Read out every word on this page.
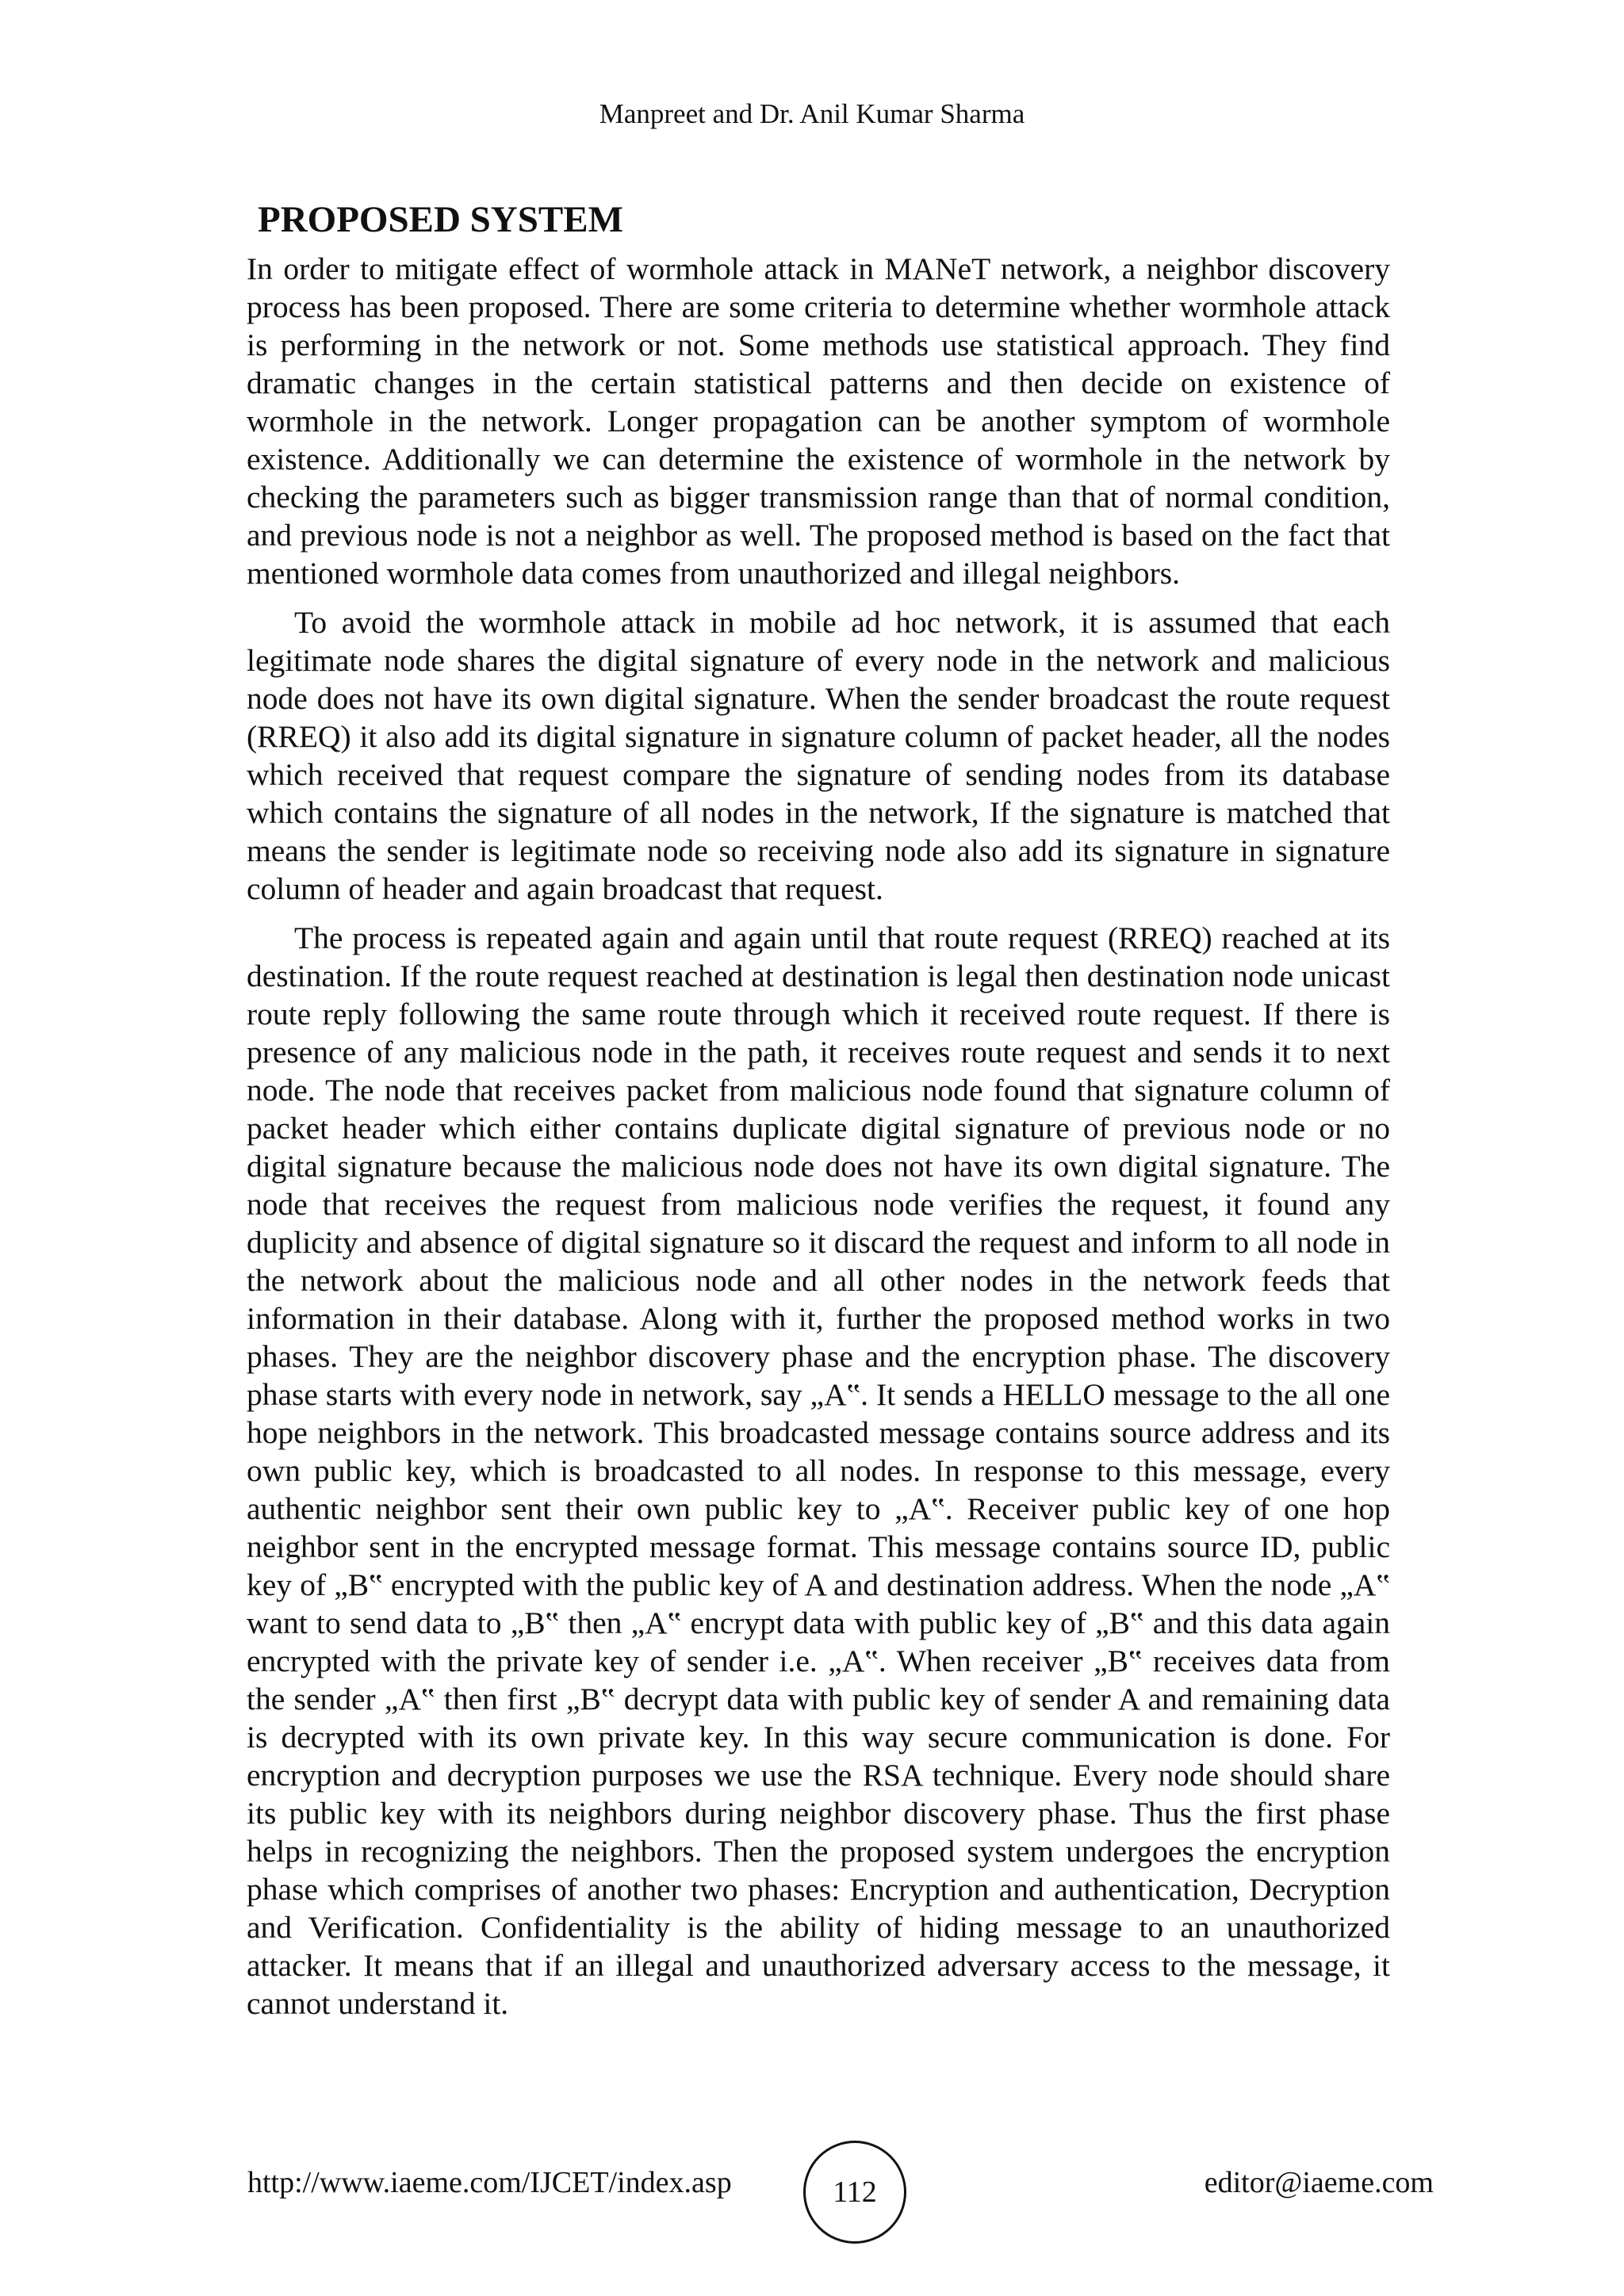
Manpreet and Dr. Anil Kumar Sharma
PROPOSED SYSTEM

In order to mitigate effect of wormhole attack in MANeT network, a neighbor discovery process has been proposed. There are some criteria to determine whether wormhole attack is performing in the network or not. Some methods use statistical approach. They find dramatic changes in the certain statistical patterns and then decide on existence of wormhole in the network. Longer propagation can be another symptom of wormhole existence. Additionally we can determine the existence of wormhole in the network by checking the parameters such as bigger transmission range than that of normal condition, and previous node is not a neighbor as well. The proposed method is based on the fact that mentioned wormhole data comes from unauthorized and illegal neighbors.

To avoid the wormhole attack in mobile ad hoc network, it is assumed that each legitimate node shares the digital signature of every node in the network and malicious node does not have its own digital signature. When the sender broadcast the route request (RREQ) it also add its digital signature in signature column of packet header, all the nodes which received that request compare the signature of sending nodes from its database which contains the signature of all nodes in the network, If the signature is matched that means the sender is legitimate node so receiving node also add its signature in signature column of header and again broadcast that request.

The process is repeated again and again until that route request (RREQ) reached at its destination. If the route request reached at destination is legal then destination node unicast route reply following the same route through which it received route request. If there is presence of any malicious node in the path, it receives route request and sends it to next node. The node that receives packet from malicious node found that signature column of packet header which either contains duplicate digital signature of previous node or no digital signature because the malicious node does not have its own digital signature. The node that receives the request from malicious node verifies the request, it found any duplicity and absence of digital signature so it discard the request and inform to all node in the network about the malicious node and all other nodes in the network feeds that information in their database. Along with it, further the proposed method works in two phases. They are the neighbor discovery phase and the encryption phase. The discovery phase starts with every node in network, say „A‟. It sends a HELLO message to the all one hope neighbors in the network. This broadcasted message contains source address and its own public key, which is broadcasted to all nodes. In response to this message, every authentic neighbor sent their own public key to „A‟. Receiver public key of one hop neighbor sent in the encrypted message format. This message contains source ID, public key of „B‟ encrypted with the public key of A and destination address. When the node „A‟ want to send data to „B‟ then „A‟ encrypt data with public key of „B‟ and this data again encrypted with the private key of sender i.e. „A‟. When receiver „B‟ receives data from the sender „A‟ then first „B‟ decrypt data with public key of sender A and remaining data is decrypted with its own private key. In this way secure communication is done. For encryption and decryption purposes we use the RSA technique. Every node should share its public key with its neighbors during neighbor discovery phase. Thus the first phase helps in recognizing the neighbors. Then the proposed system undergoes the encryption phase which comprises of another two phases: Encryption and authentication, Decryption and Verification. Confidentiality is the ability of hiding message to an unauthorized attacker. It means that if an illegal and unauthorized adversary access to the message, it cannot understand it.

http://www.iaeme.com/IJCET/index.asp	112	editor@iaeme.com
